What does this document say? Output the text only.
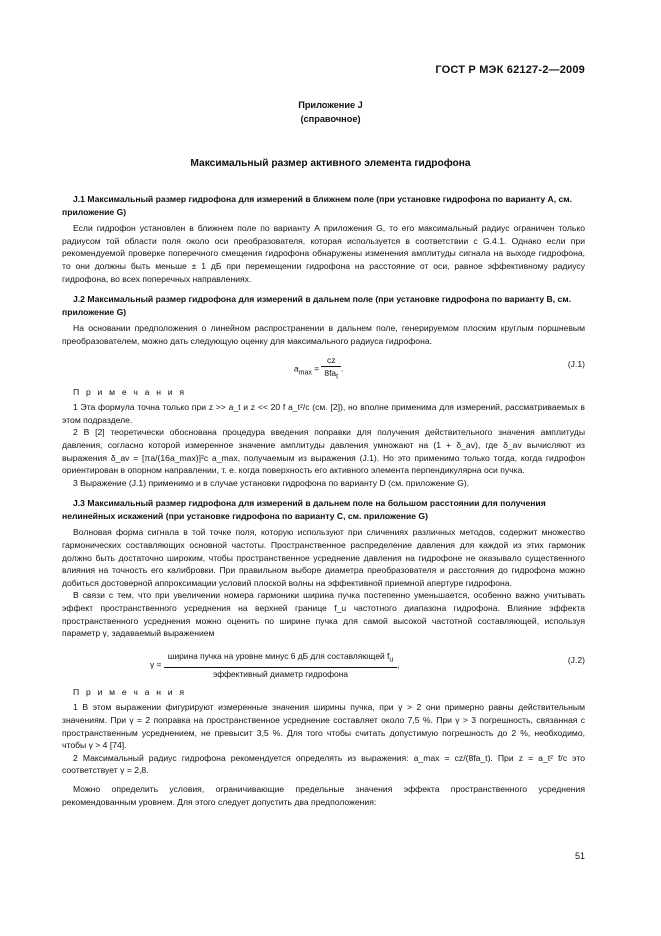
ГОСТ Р МЭК 62127-2—2009
Приложение J
(справочное)
Максимальный размер активного элемента гидрофона
J.1 Максимальный размер гидрофона для измерений в ближнем поле (при установке гидрофона по варианту A, см. приложение G)

Если гидрофон установлен в ближнем поле по варианту A приложения G, то его максимальный радиус ограничен только радиусом той области поля около оси преобразователя, которая используется в соответствии с G.4.1. Однако если при рекомендуемой проверке поперечного смещения гидрофона обнаружены изменения амплитуды сигнала на выходе гидрофона, то они должны быть меньше ± 1 дБ при перемещении гидрофона на расстояние от оси, равное эффективному радиусу гидрофона, во всех поперечных направлениях.

J.2 Максимальный размер гидрофона для измерений в дальнем поле (при установке гидрофона по варианту B, см. приложение G)

На основании предположения о линейном распространении в дальнем поле, генерируемом плоским круглым поршневым преобразователем, можно дать следующую оценку для максимального радиуса гидрофона.

$a_{max} = \frac{cz}{8fa_t}$ .	(J.1)
П р и м е ч а н и я

1 Эта формула точна только при z >> a_t и z << 20 f a_t²/c (см. [2]), но вполне применима для измерений, рассматриваемых в этом подразделе.

2 В [2] теоретически обоснована процедура введения поправки для получения действительного значения амплитуды давления, согласно которой измеренное значение амплитуды давления умножают на (1 + δ_av), где δ_av вычисляют из выражения δ_av = [πa/(16a_max)]²c a_max, получаемым из выражения (J.1). Но это применимо только тогда, когда гидрофон ориентирован в опорном направлении, т. е. когда поверхность его активного элемента перпендикулярна оси пучка.

3 Выражение (J.1) применимо и в случае установки гидрофона по варианту D (см. приложение G).

J.3 Максимальный размер гидрофона для измерений в дальнем поле на большом расстоянии для получения нелинейных искажений (при установке гидрофона по варианту C, см. приложение G)

Волновая форма сигнала в той точке поля, которую используют при сличениях различных методов, содержит множество гармонических составляющих основной частоты. Пространственное распределение давления для каждой из этих гармоник должно быть достаточно широким, чтобы пространственное усреднение давления на гидрофоне не оказывало существенного влияния на точность его калибровки. При правильном выборе диаметра преобразователя и расстояния до гидрофона можно добиться достоверной аппроксимации условий плоской волны на эффективной приемной апертуре гидрофона.

В связи с тем, что при увеличении номера гармоники ширина пучка постепенно уменьшается, особенно важно учитывать эффект пространственного усреднения на верхней границе f_u частотного диапазона гидрофона. Влияние эффекта пространственного усреднения можно оценить по ширине пучка для самой высокой частотной составляющей, используя параметр γ, задаваемый выражением

$\gamma = \frac{ширина пучка на уровне минус 6 дБ для составляющей f_u}{\text{эффективный диаметр гидрофона}}$ ,	(J.2)
П р и м е ч а н и я

1 В этом выражении фигурируют измеренные значения ширины пучка, при γ > 2 они примерно равны действительным значениям. При γ = 2 поправка на пространственное усреднение составляет около 7,5 %. При γ > 3 погрешность, связанная с пространственным усреднением, не превысит 3,5 %. Для того чтобы считать допустимую погрешность до 2 %, необходимо, чтобы γ > 4 [74].

2 Максимальный радиус гидрофона рекомендуется определять из выражения: a_max = cz/(8fa_t). При z = a_t² f/c это соответствует γ = 2,8.

Можно определить условия, ограничивающие предельные значения эффекта пространственного усреднения рекомендованным уровнем. Для этого следует допустить два предположения:

51
